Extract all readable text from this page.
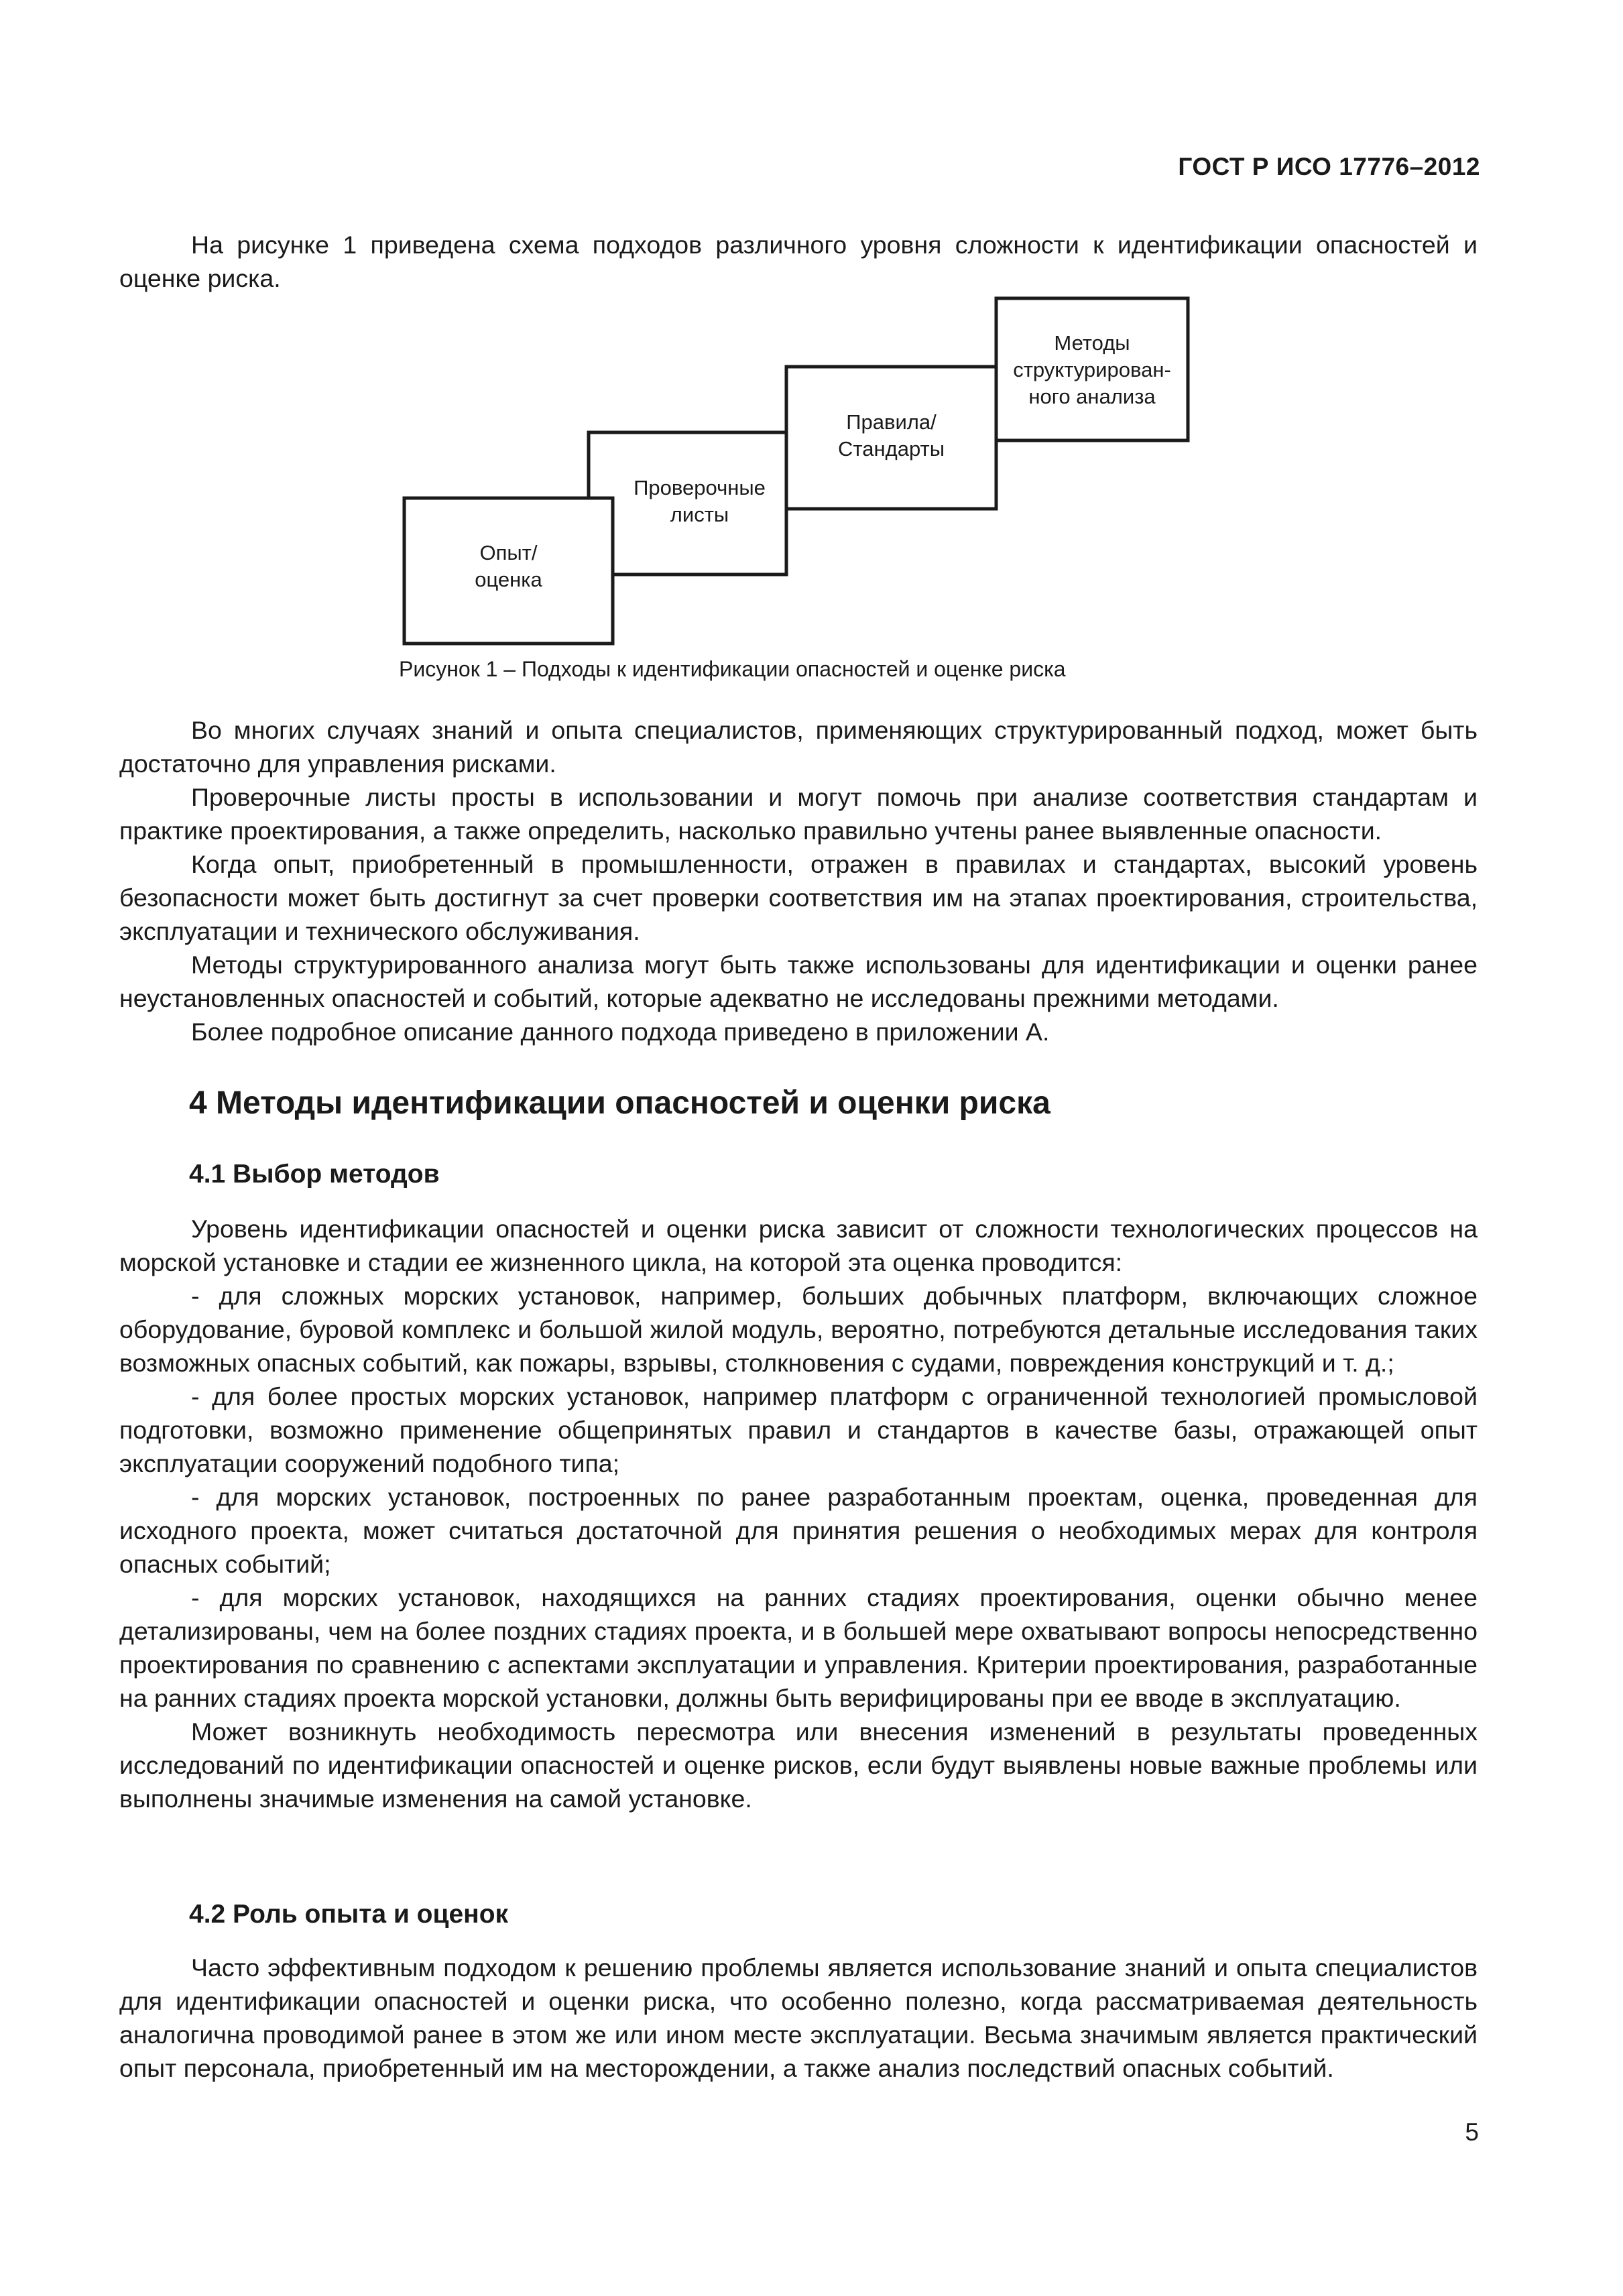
ГОСТ Р ИСО 17776–2012

На рисунке 1 приведена схема подходов различного уровня сложности к идентификации опасностей и оценке риска.

Опыт/
оценка
Проверочные
листы
Правила/
Стандарты
Методы
структурирован-
ного анализа
Рисунок 1 – Подходы к идентификации опасностей и оценке риска

Во многих случаях знаний и опыта специалистов, применяющих структурированный подход, может быть достаточно для управления рисками.

Проверочные листы просты в использовании и могут помочь при анализе соответствия стандартам и практике проектирования, а также определить, насколько правильно учтены ранее выявленные опасности.

Когда опыт, приобретенный в промышленности, отражен в правилах и стандартах, высокий уровень безопасности может быть достигнут за счет проверки соответствия им на этапах проектирования, строительства, эксплуатации и технического обслуживания.

Методы структурированного анализа могут быть также использованы для идентификации и оценки ранее неустановленных опасностей и событий, которые адекватно не исследованы прежними методами.

Более подробное описание данного подхода приведено в приложении А.

4 Методы идентификации опасностей и оценки риска
4.1 Выбор методов

Уровень идентификации опасностей и оценки риска зависит от сложности технологических процессов на морской установке и стадии ее жизненного цикла, на которой эта оценка проводится:

- для сложных морских установок, например, больших добычных платформ, включающих сложное оборудование, буровой комплекс и большой жилой модуль, вероятно, потребуются детальные исследования таких возможных опасных событий, как пожары, взрывы, столкновения с судами, повреждения конструкций и т. д.;

- для более простых морских установок, например платформ с ограниченной технологией промысловой подготовки, возможно применение общепринятых правил и стандартов в качестве базы, отражающей опыт эксплуатации сооружений подобного типа;

- для морских установок, построенных по ранее разработанным проектам, оценка, проведенная для исходного проекта, может считаться достаточной для принятия решения о необходимых мерах для контроля опасных событий;

- для морских установок, находящихся на ранних стадиях проектирования, оценки обычно менее детализированы, чем на более поздних стадиях проекта, и в большей мере охватывают вопросы непосредственно проектирования по сравнению с аспектами эксплуатации и управления. Критерии проектирования, разработанные на ранних стадиях проекта морской установки, должны быть верифицированы при ее вводе в эксплуатацию.

Может возникнуть необходимость пересмотра или внесения изменений в результаты проведенных исследований по идентификации опасностей и оценке рисков, если будут выявлены новые важные проблемы или выполнены значимые изменения на самой установке.

4.2 Роль опыта и оценок

Часто эффективным подходом к решению проблемы является использование знаний и опыта специалистов для идентификации опасностей и оценки риска, что особенно полезно, когда рассматриваемая деятельность аналогична проводимой ранее в этом же или ином месте эксплуатации. Весьма значимым является практический опыт персонала, приобретенный им на месторождении, а также анализ последствий опасных событий.

5
